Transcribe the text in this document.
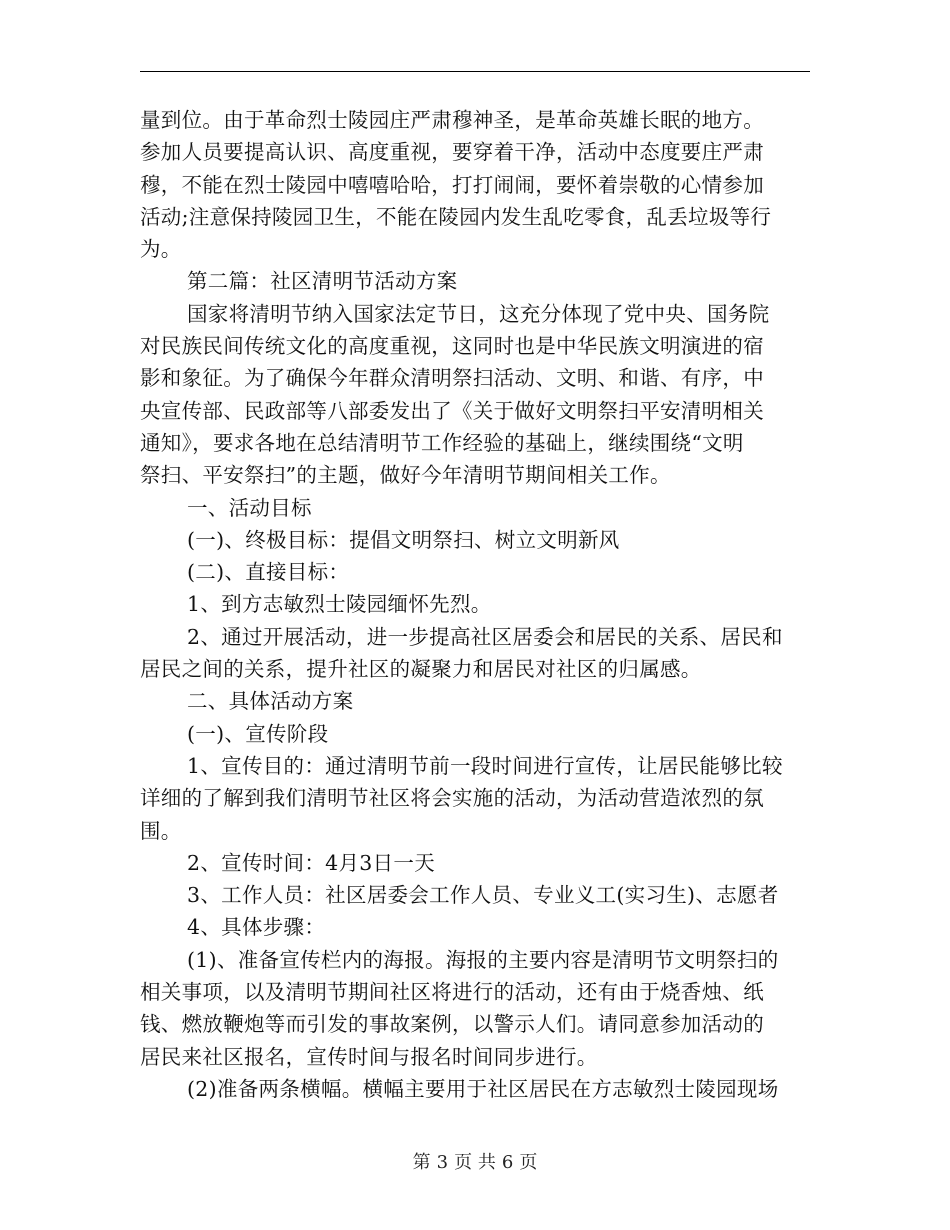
量到位。由于革命烈士陵园庄严肃穆神圣，是革命英雄长眠的地方。
参加人员要提高认识、高度重视，要穿着干净，活动中态度要庄严肃
穆，不能在烈士陵园中嘻嘻哈哈，打打闹闹，要怀着崇敬的心情参加
活动;注意保持陵园卫生，不能在陵园内发生乱吃零食，乱丢垃圾等行
为。
第二篇：社区清明节活动方案
国家将清明节纳入国家法定节日，这充分体现了党中央、国务院
对民族民间传统文化的高度重视，这同时也是中华民族文明演进的宿
影和象征。为了确保今年群众清明祭扫活动、文明、和谐、有序，中
央宣传部、民政部等八部委发出了《关于做好文明祭扫平安清明相关
通知》，要求各地在总结清明节工作经验的基础上，继续围绕“文明
祭扫、平安祭扫”的主题，做好今年清明节期间相关工作。
一、活动目标
(一)、终极目标：提倡文明祭扫、树立文明新风
(二)、直接目标：
1、到方志敏烈士陵园缅怀先烈。
2、通过开展活动，进一步提高社区居委会和居民的关系、居民和
居民之间的关系，提升社区的凝聚力和居民对社区的归属感。
二、具体活动方案
(一)、宣传阶段
1、宣传目的：通过清明节前一段时间进行宣传，让居民能够比较
详细的了解到我们清明节社区将会实施的活动，为活动营造浓烈的氛
围。
2、宣传时间：4月3日一天
3、工作人员：社区居委会工作人员、专业义工(实习生)、志愿者
4、具体步骤：
(1)、准备宣传栏内的海报。海报的主要内容是清明节文明祭扫的
相关事项，以及清明节期间社区将进行的活动，还有由于烧香烛、纸
钱、燃放鞭炮等而引发的事故案例，以警示人们。请同意参加活动的
居民来社区报名，宣传时间与报名时间同步进行。
(2)准备两条横幅。横幅主要用于社区居民在方志敏烈士陵园现场
第 3 页 共 6 页
